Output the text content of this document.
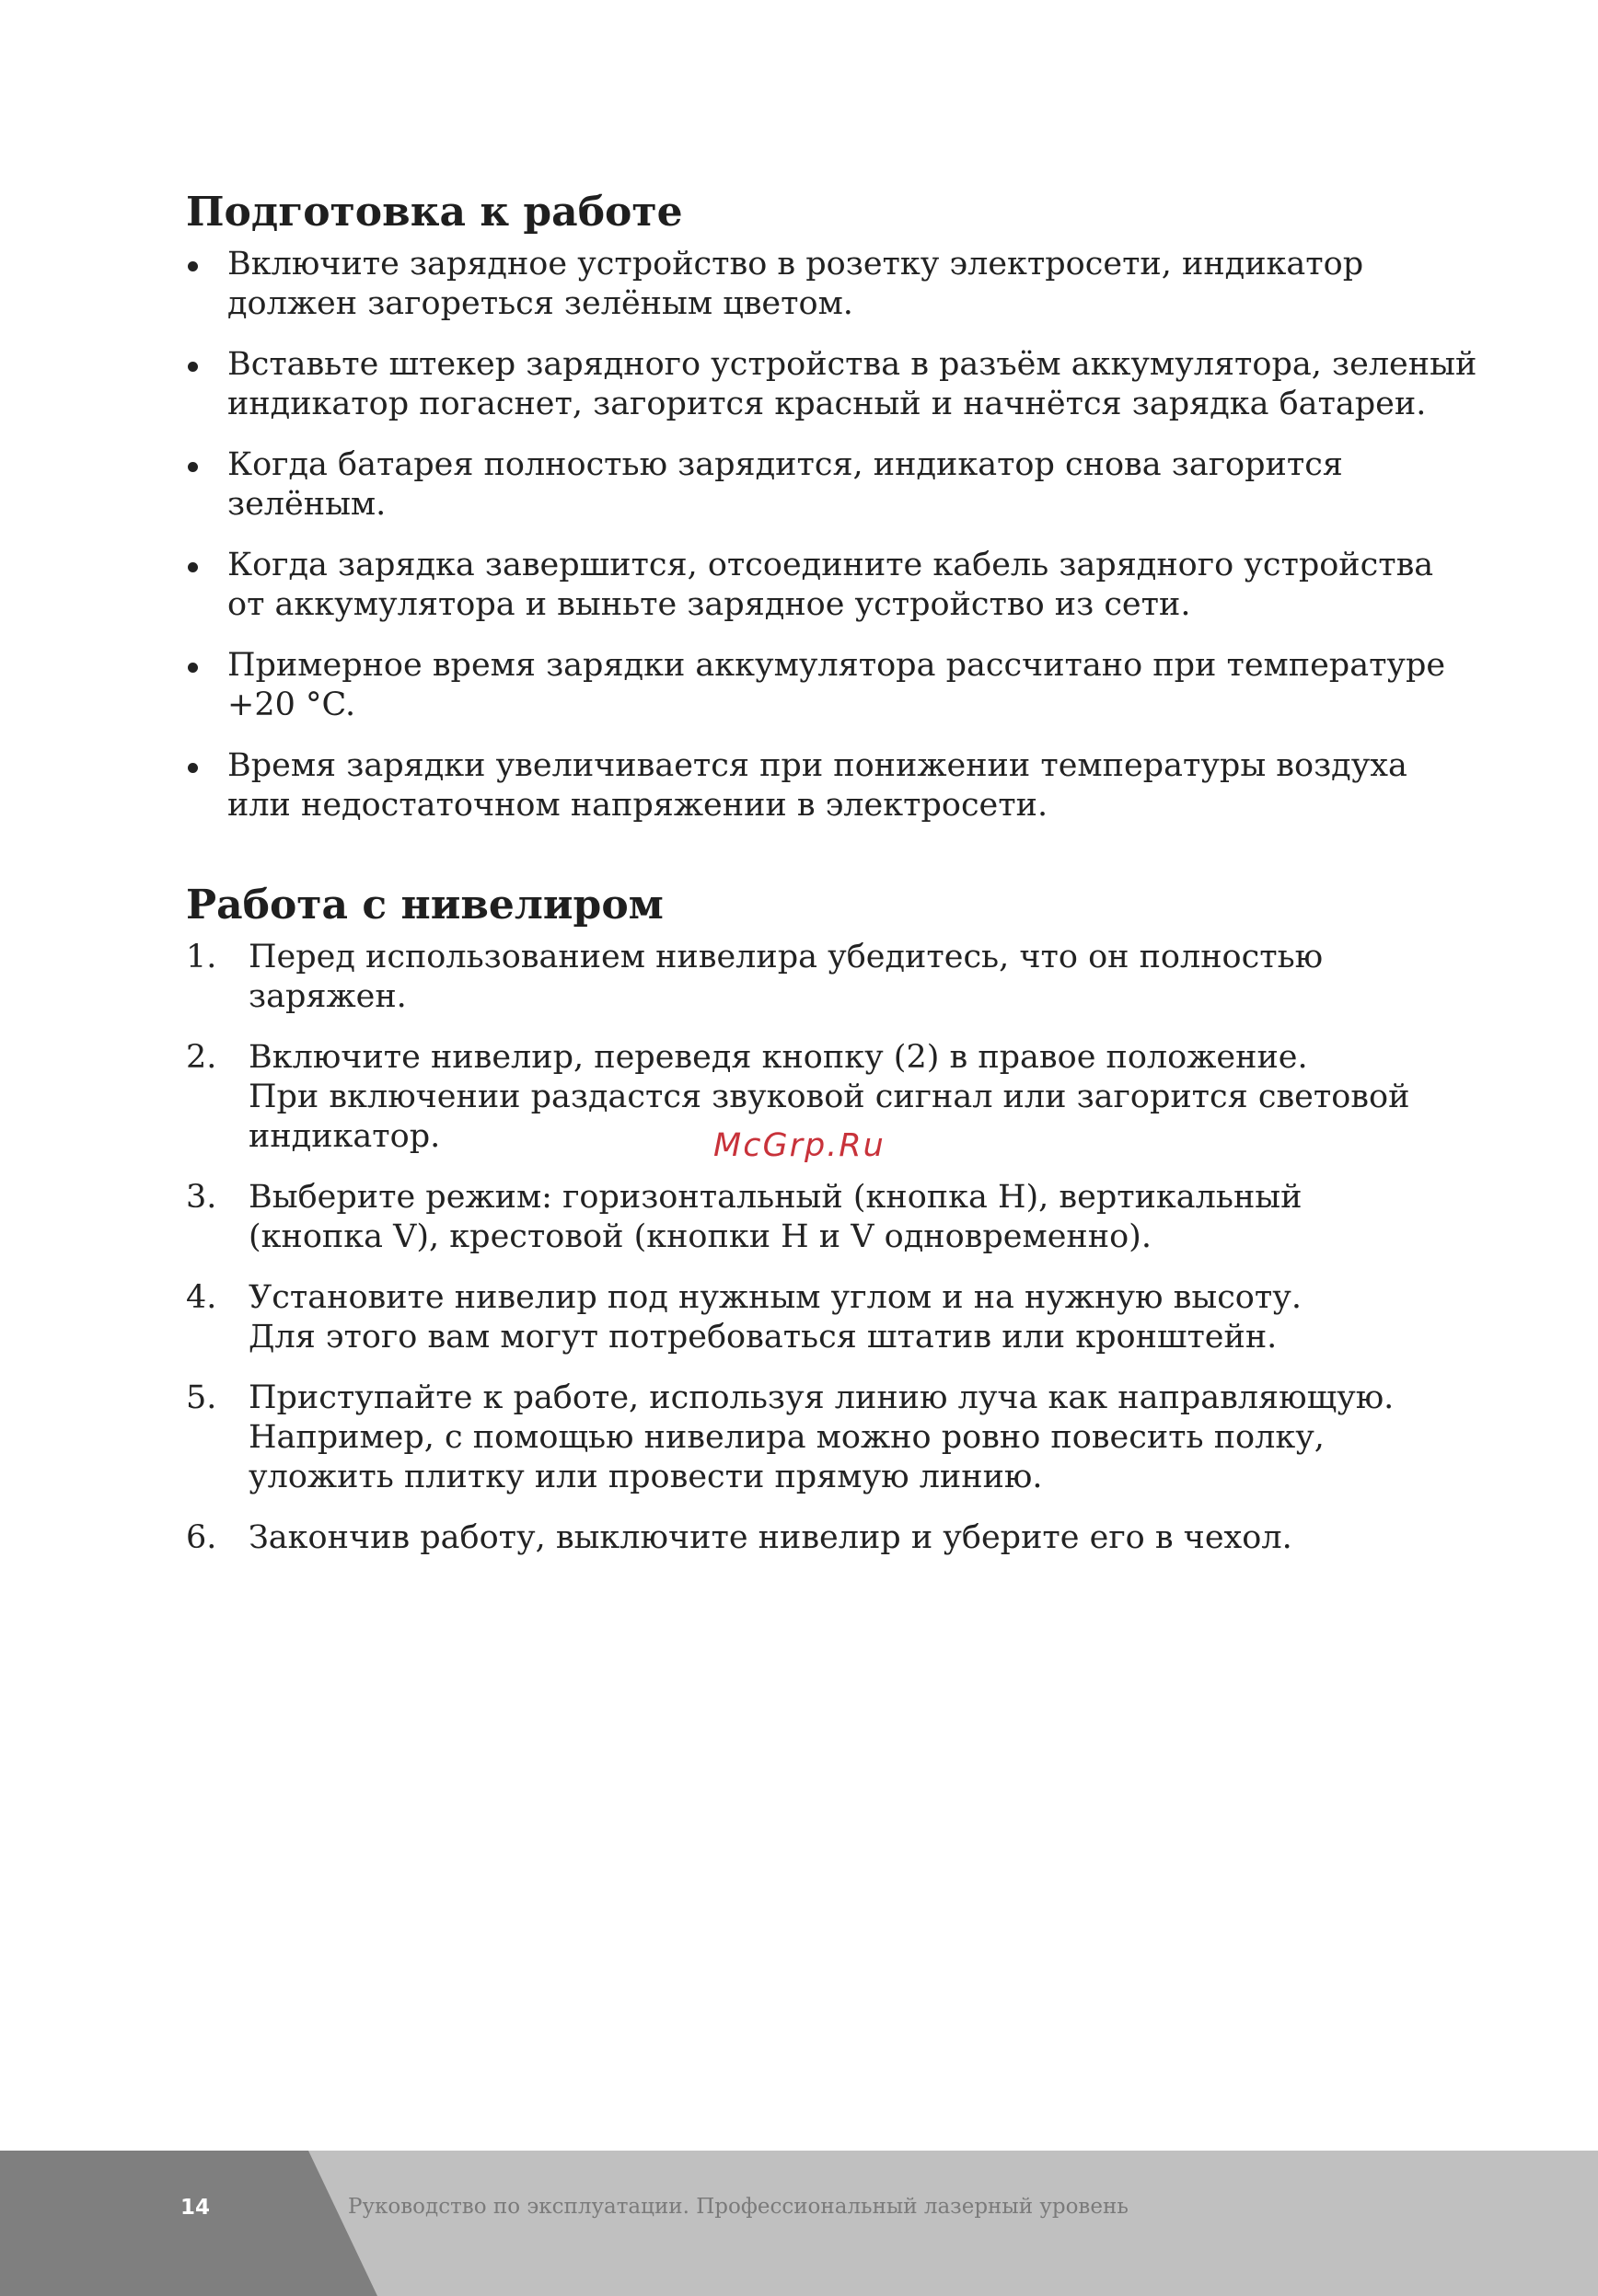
Подготовка к работе
Включите зарядное устройство в розетку электросети, индикатор
должен загореться зелёным цветом.
Вставьте штекер зарядного устройства в разъём аккумулятора, зеленый
индикатор погаснет, загорится красный и начнётся зарядка батареи.
Когда батарея полностью зарядится, индикатор снова загорится
зелёным.
Когда зарядка завершится, отсоедините кабель зарядного устройства
от аккумулятора и выньте зарядное устройство из сети.
Примерное время зарядки аккумулятора рассчитано при температуре
+20 °C.
Время зарядки увеличивается при понижении температуры воздуха
или недостаточном напряжении в электросети.
Работа с нивелиром
1. Перед использованием нивелира убедитесь, что он полностью
заряжен.
2. Включите нивелир, переведя кнопку (2) в правое положение.
При включении раздастся звуковой сигнал или загорится световой
индикатор.
3. Выберите режим: горизонтальный (кнопка H), вертикальный
(кнопка V), крестовой (кнопки H и V одновременно).
4. Установите нивелир под нужным углом и на нужную высоту.
Для этого вам могут потребоваться штатив или кронштейн.
5. Приступайте к работе, используя линию луча как направляющую.
Например, с помощью нивелира можно ровно повесить полку,
уложить плитку или провести прямую линию.
6. Закончив работу, выключите нивелир и уберите его в чехол.
McGrp.Ru
14	Руководство по эксплуатации. Профессиональный лазерный уровень
